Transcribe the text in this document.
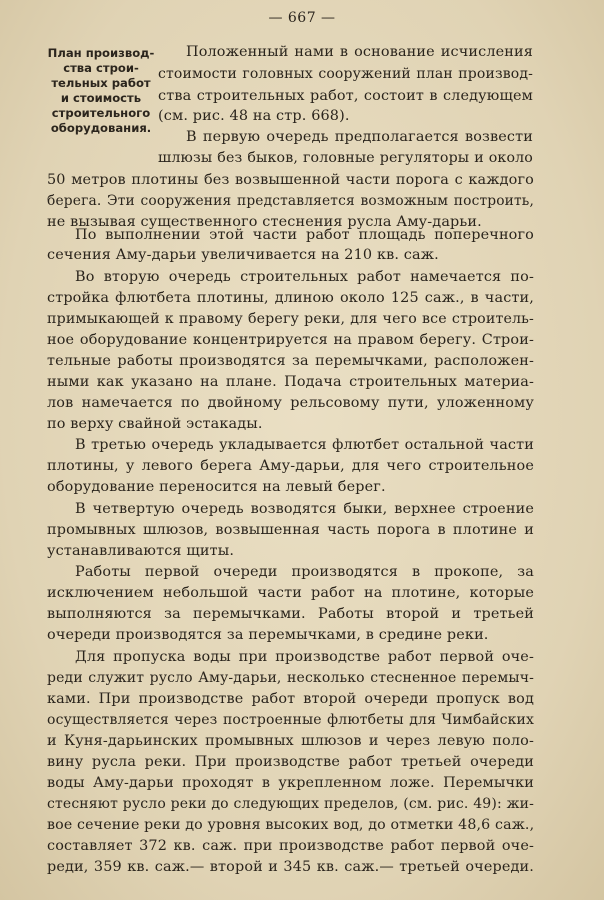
— 667 —
План производ-
ства строи-
тельных работ
и стоимость
строительного
оборудования.
Положенный нами в основание исчисления
стоимости головных сооружений план производ-
ства строительных работ, состоит в следующем
(см. рис. 48 на стр. 668).
В первую очередь предполагается возвести
шлюзы без быков, головные регуляторы и около
50 метров плотины без возвышенной части порога с каждого
берега. Эти сооружения представляется возможным построить,
не вызывая существенного стеснения русла Аму-дарьи.
По выполнении этой части работ площадь поперечного
сечения Аму-дарьи увеличивается на 210 кв. саж.
Во вторую очередь строительных работ намечается по-
стройка флютбета плотины, длиною около 125 саж., в части,
примыкающей к правому берегу реки, для чего все строитель-
ное оборудование концентрируется на правом берегу. Строи-
тельные работы производятся за перемычками, расположен-
ными как указано на плане. Подача строительных материа-
лов намечается по двойному рельсовому пути, уложенному
по верху свайной эстакады.
В третью очередь укладывается флютбет остальной части
плотины, у левого берега Аму-дарьи, для чего строительное
оборудование переносится на левый берег.
В четвертую очередь возводятся быки, верхнее строение
промывных шлюзов, возвышенная часть порога в плотине и
устанавливаются щиты.
Работы первой очереди производятся в прокопе, за
исключением небольшой части работ на плотине, которые
выполняются за перемычками. Работы второй и третьей
очереди производятся за перемычками, в средине реки.
Для пропуска воды при производстве работ первой оче-
реди служит русло Аму-дарьи, несколько стесненное перемыч-
ками. При производстве работ второй очереди пропуск вод
осуществляется через построенные флютбеты для Чимбайских
и Куня-дарьинских промывных шлюзов и через левую поло-
вину русла реки. При производстве работ третьей очереди
воды Аму-дарьи проходят в укрепленном ложе. Перемычки
стесняют русло реки до следующих пределов, (см. рис. 49): жи-
вое сечение реки до уровня высоких вод, до отметки 48,6 саж.,
составляет 372 кв. саж. при производстве работ первой оче-
реди, 359 кв. саж.— второй и 345 кв. саж.— третьей очереди.
